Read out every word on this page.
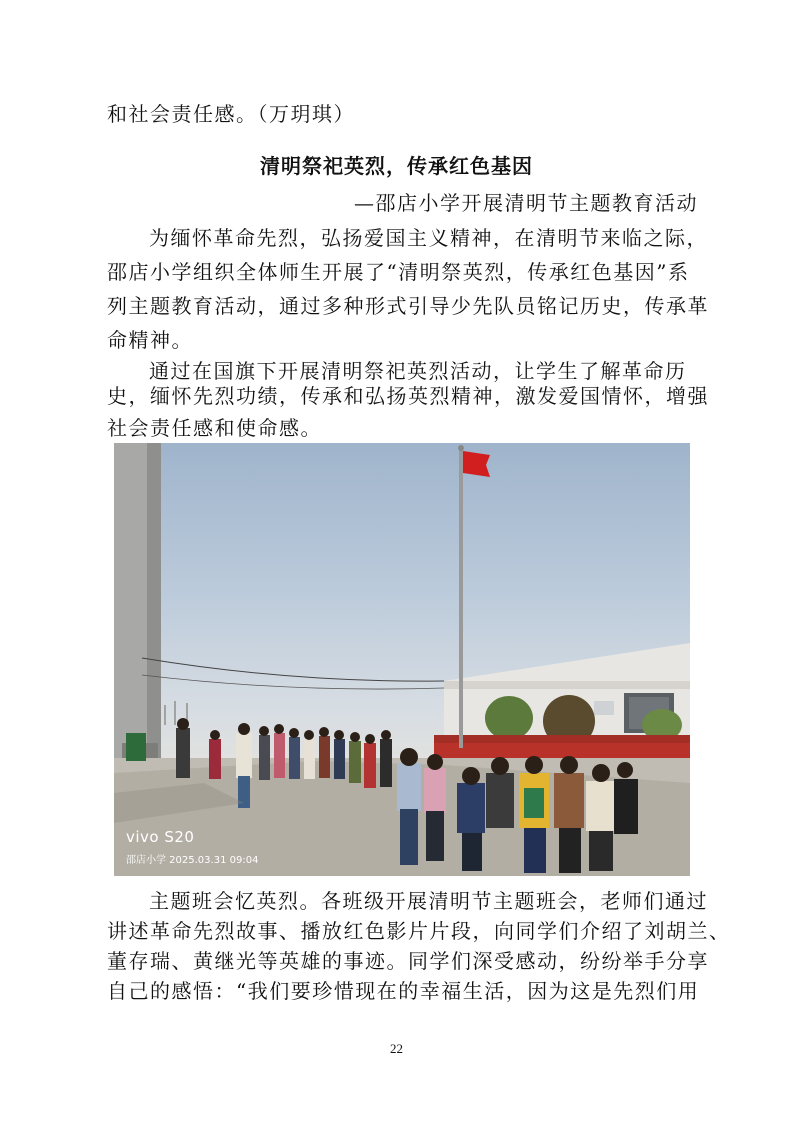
和社会责任感。（万玥琪）
清明祭祀英烈，传承红色基因
—邵店小学开展清明节主题教育活动
为缅怀革命先烈，弘扬爱国主义精神，在清明节来临之际，
邵店小学组织全体师生开展了“清明祭英烈，传承红色基因”系
列主题教育活动，通过多种形式引导少先队员铭记历史，传承革
命精神。
通过在国旗下开展清明祭祀英烈活动，让学生了解革命历
史，缅怀先烈功绩，传承和弘扬英烈精神，激发爱国情怀，增强
社会责任感和使命感。
vivo S20
邵店小学 2025.03.31 09:04
主题班会忆英烈。各班级开展清明节主题班会，老师们通过
讲述革命先烈故事、播放红色影片片段，向同学们介绍了刘胡兰、
董存瑞、黄继光等英雄的事迹。同学们深受感动，纷纷举手分享
自己的感悟：“我们要珍惜现在的幸福生活，因为这是先烈们用
22
